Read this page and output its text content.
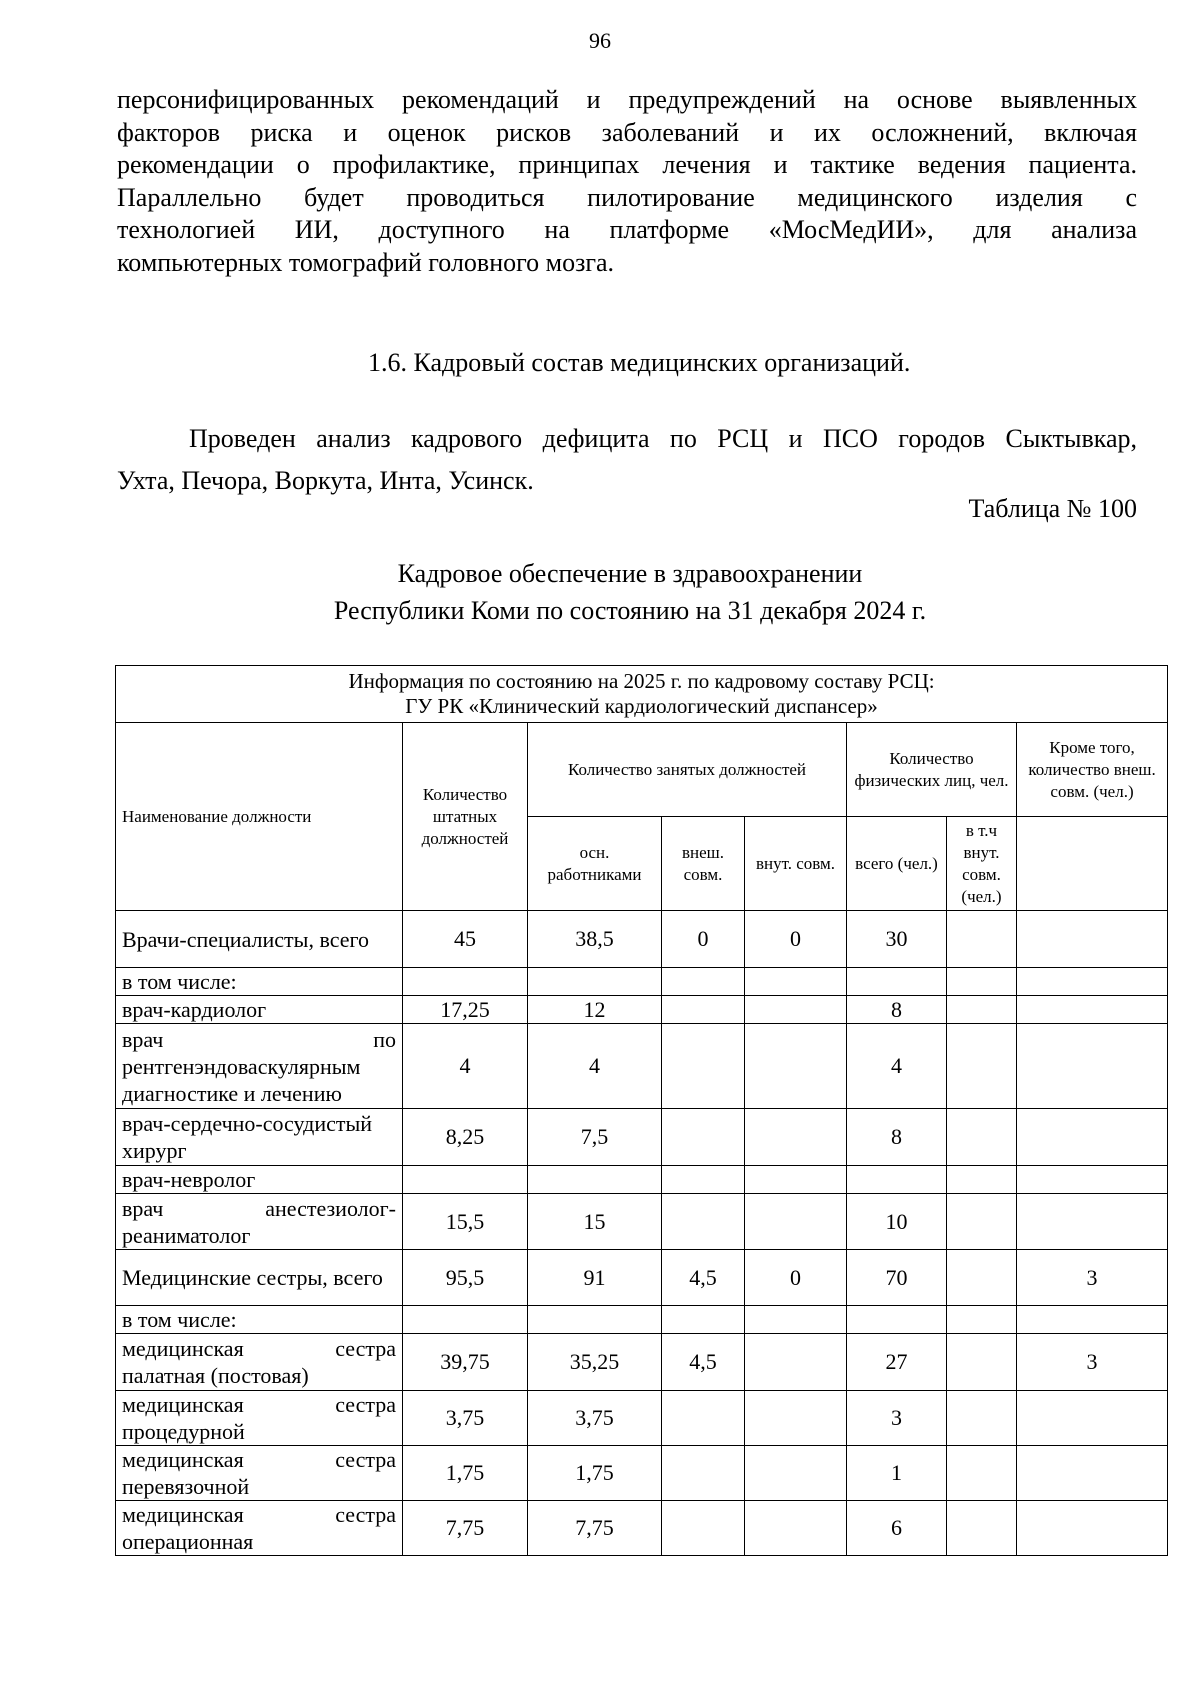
96
персонифицированных рекомендаций и предупреждений на основе выявленных
факторов риска и оценок рисков заболеваний и их осложнений, включая
рекомендации о профилактике, принципах лечения и тактике ведения пациента.
Параллельно будет проводиться пилотирование медицинского изделия с
технологией ИИ, доступного на платформе «МосМедИИ», для анализа
компьютерных томографий головного мозга.
1.6. Кадровый состав медицинских организаций.
Проведен анализ кадрового дефицита по РСЦ и ПСО городов Сыктывкар,
Ухта, Печора, Воркута, Инта, Усинск.
Таблица № 100
Кадровое обеспечение в здравоохранении
Республики Коми по состоянию на 31 декабря 2024 г.
Информация по состоянию на 2025 г. по кадровому составу РСЦ:
ГУ РК «Клинический кардиологический диспансер»							

Наименование должности	Количество штатных должностей	Количество занятых должностей			Количество физических лиц, чел.		Кроме того, количество внеш. совм. (чел.)
		осн. работниками	внеш. совм.	внут. совм.	всего (чел.)	в т.ч внут. совм. (чел.)	
Врачи-специалисты, всего	45	38,5	0	0	30		
в том числе:							
врач-кардиолог	17,25	12			8		
врач по рентгенэндоваскулярным диагностике и лечению	4	4			4		
врач-сердечно-сосудистый хирург	8,25	7,5			8		
врач-невролог							
врач анестезиолог-реаниматолог	15,5	15			10		
Медицинские сестры, всего	95,5	91	4,5	0	70		3
в том числе:							
медицинская сестра палатная (постовая)	39,75	35,25	4,5		27		3
медицинская сестра процедурной	3,75	3,75			3		
медицинская сестра перевязочной	1,75	1,75			1		
медицинская сестра операционная	7,75	7,75			6		
